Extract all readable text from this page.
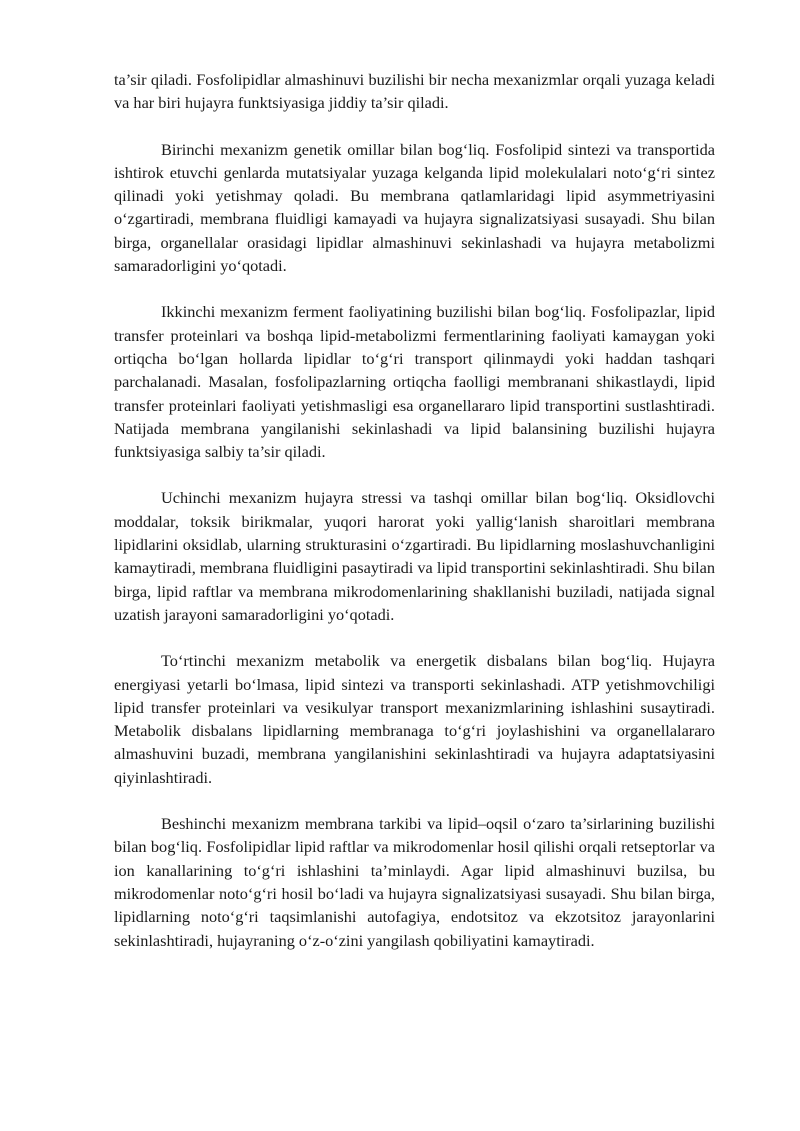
ta’sir qiladi. Fosfolipidlar almashinuvi buzilishi bir necha mexanizmlar orqali yuzaga keladi va har biri hujayra funktsiyasiga jiddiy ta’sir qiladi.

Birinchi mexanizm genetik omillar bilan bog‘liq. Fosfolipid sintezi va transportida ishtirok etuvchi genlarda mutatsiyalar yuzaga kelganda lipid molekulalari noto‘g‘ri sintez qilinadi yoki yetishmay qoladi. Bu membrana qatlamlaridagi lipid asymmetriyasini o‘zgartiradi, membrana fluidligi kamayadi va hujayra signalizatsiyasi susayadi. Shu bilan birga, organellalar orasidagi lipidlar almashinuvi sekinlashadi va hujayra metabolizmi samaradorligini yo‘qotadi.

Ikkinchi mexanizm ferment faoliyatining buzilishi bilan bog‘liq. Fosfolipazlar, lipid transfer proteinlari va boshqa lipid-metabolizmi fermentlarining faoliyati kamaygan yoki ortiqcha bo‘lgan hollarda lipidlar to‘g‘ri transport qilinmaydi yoki haddan tashqari parchalanadi. Masalan, fosfolipazlarning ortiqcha faolligi membranani shikastlaydi, lipid transfer proteinlari faoliyati yetishmasligi esa organellararo lipid transportini sustlashtiradi. Natijada membrana yangilanishi sekinlashadi va lipid balansining buzilishi hujayra funktsiyasiga salbiy ta’sir qiladi.

Uchinchi mexanizm hujayra stressi va tashqi omillar bilan bog‘liq. Oksidlovchi moddalar, toksik birikmalar, yuqori harorat yoki yallig‘lanish sharoitlari membrana lipidlarini oksidlab, ularning strukturasini o‘zgartiradi. Bu lipidlarning moslashuvchanligini kamaytiradi, membrana fluidligini pasaytiradi va lipid transportini sekinlashtiradi. Shu bilan birga, lipid raftlar va membrana mikrodomenlarining shakllanishi buziladi, natijada signal uzatish jarayoni samaradorligini yo‘qotadi.

To‘rtinchi mexanizm metabolik va energetik disbalans bilan bog‘liq. Hujayra energiyasi yetarli bo‘lmasa, lipid sintezi va transporti sekinlashadi. ATP yetishmovchiligi lipid transfer proteinlari va vesikulyar transport mexanizmlarining ishlashini susaytiradi. Metabolik disbalans lipidlarning membranaga to‘g‘ri joylashishini va organellalararo almashuvini buzadi, membrana yangilanishini sekinlashtiradi va hujayra adaptatsiyasini qiyinlashtiradi.

Beshinchi mexanizm membrana tarkibi va lipid–oqsil o‘zaro ta’sirlarining buzilishi bilan bog‘liq. Fosfolipidlar lipid raftlar va mikrodomenlar hosil qilishi orqali retseptorlar va ion kanallarining to‘g‘ri ishlashini ta’minlaydi. Agar lipid almashinuvi buzilsa, bu mikrodomenlar noto‘g‘ri hosil bo‘ladi va hujayra signalizatsiyasi susayadi. Shu bilan birga, lipidlarning noto‘g‘ri taqsimlanishi autofagiya, endotsitoz va ekzotsitoz jarayonlarini sekinlashtiradi, hujayraning o‘z-o‘zini yangilash qobiliyatini kamaytiradi.
